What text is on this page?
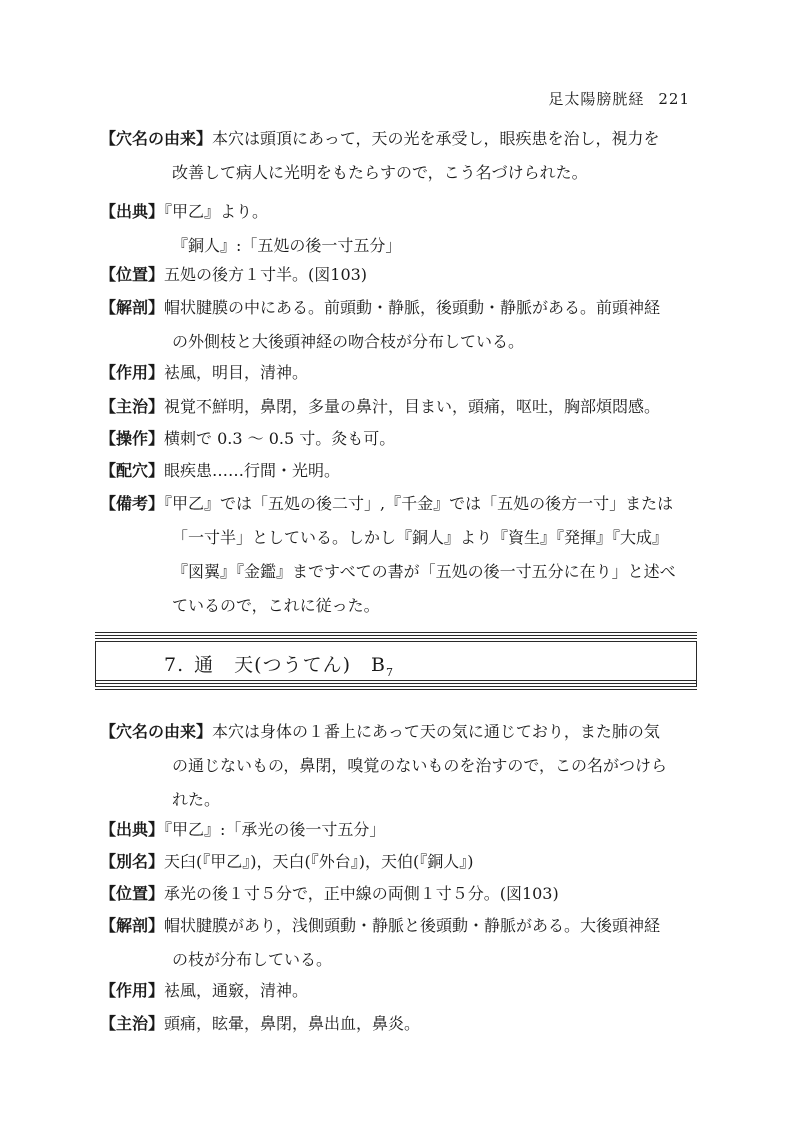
足太陽膀胱経 221
【穴名の由来】本穴は頭頂にあって，天の光を承受し，眼疾患を治し，視力を
改善して病人に光明をもたらすので，こう名づけられた。
【出典】『甲乙』より。
『銅人』:「五処の後一寸五分」
【位置】五処の後方１寸半。(図103)
【解剖】帽状腱膜の中にある。前頭動・静脈，後頭動・静脈がある。前頭神経
の外側枝と大後頭神経の吻合枝が分布している。
【作用】袪風，明目，清神。
【主治】視覚不鮮明，鼻閉，多量の鼻汁，目まい，頭痛，呕吐，胸部煩悶感。
【操作】横刺で 0.3 ～ 0.5 寸。灸も可。
【配穴】眼疾患……行間・光明。
【備考】『甲乙』では「五処の後二寸」,『千金』では「五処の後方一寸」または
「一寸半」としている。しかし『銅人』より『資生』『発揮』『大成』
『図翼』『金鑑』まですべての書が「五処の後一寸五分に在り」と述べ
ているので，これに従った。
7. 通　天(つうてん) $B_7$
【穴名の由来】本穴は身体の１番上にあって天の気に通じており，また肺の気
の通じないもの，鼻閉，嗅覚のないものを治すので，この名がつけら
れた。
【出典】『甲乙』:「承光の後一寸五分」
【別名】天臼(『甲乙』)，天白(『外台』)，天伯(『銅人』)
【位置】承光の後１寸５分で，正中線の両側１寸５分。(図103)
【解剖】帽状腱膜があり，浅側頭動・静脈と後頭動・静脈がある。大後頭神経
の枝が分布している。
【作用】袪風，通竅，清神。
【主治】頭痛，眩暈，鼻閉，鼻出血，鼻炎。
